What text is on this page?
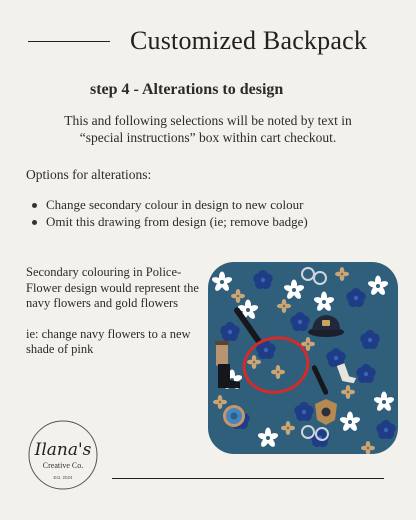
Customized Backpack
step 4 - Alterations to design
This and following selections will be noted by text in
“special instructions” box within cart checkout.
Options for alterations:
Change secondary colour in design to new colour
Omit this drawing from design (ie; remove badge)

Secondary colouring in Police- Flower design would represent the navy flowers and gold flowers

ie: change navy flowers to a new shade of pink

Ilana's
Creative Co.
Est. 2024
